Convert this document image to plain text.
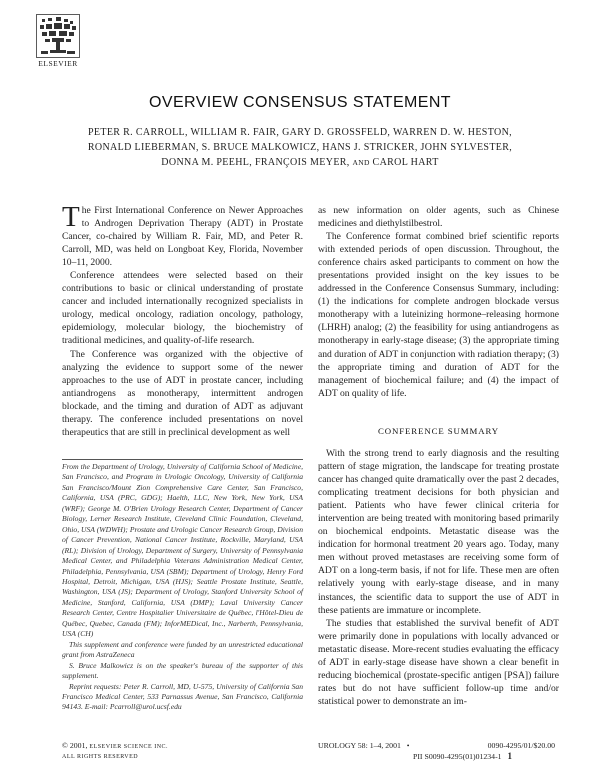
ELSEVIER
OVERVIEW CONSENSUS STATEMENT
PETER R. CARROLL, WILLIAM R. FAIR, GARY D. GROSSFELD, WARREN D. W. HESTON,
RONALD LIEBERMAN, S. BRUCE MALKOWICZ, HANS J. STRICKER, JOHN SYLVESTER,
DONNA M. PEEHL, FRANÇOIS MEYER, AND CAROL HART

The First International Conference on Newer Approaches to Androgen Deprivation Therapy (ADT) in Prostate Cancer, co-chaired by William R. Fair, MD, and Peter R. Carroll, MD, was held on Longboat Key, Florida, November 10–11, 2000.

Conference attendees were selected based on their contributions to basic or clinical understanding of prostate cancer and included internationally recognized specialists in urology, medical oncology, radiation oncology, pathology, epidemiology, molecular biology, the biochemistry of traditional medicines, and quality-of-life research.

The Conference was organized with the objective of analyzing the evidence to support some of the newer approaches to the use of ADT in prostate cancer, including antiandrogens as monotherapy, intermittent androgen blockade, and the timing and duration of ADT as adjuvant therapy. The conference included presentations on novel therapeutics that are still in preclinical development as well

From the Department of Urology, University of California School of Medicine, San Francisco, and Program in Urologic Oncology, University of California San Francisco/Mount Zion Comprehensive Care Center, San Francisco, California, USA (PRC, GDG); Haelth, LLC, New York, New York, USA (WRF); George M. O'Brien Urology Research Center, Department of Cancer Biology, Lerner Research Institute, Cleveland Clinic Foundation, Cleveland, Ohio, USA (WDWH); Prostate and Urologic Cancer Research Group, Division of Cancer Prevention, National Cancer Institute, Rockville, Maryland, USA (RL); Division of Urology, Department of Surgery, University of Pennsylvania Medical Center, and Philadelphia Veterans Administration Medical Center, Philadelphia, Pennsylvania, USA (SBM); Department of Urology, Henry Ford Hospital, Detroit, Michigan, USA (HJS); Seattle Prostate Institute, Seattle, Washington, USA (JS); Department of Urology, Stanford University School of Medicine, Stanford, California, USA (DMP); Laval University Cancer Research Center, Centre Hospitalier Universitaire de Québec, l'Hôtel-Dieu de Québec, Quebec, Canada (FM); InforMEDical, Inc., Narberth, Pennsylvania, USA (CH)

This supplement and conference were funded by an unrestricted educational grant from AstraZeneca

S. Bruce Malkowicz is on the speaker's bureau of the supporter of this supplement.

Reprint requests: Peter R. Carroll, MD, U-575, University of California San Francisco Medical Center, 533 Parnassus Avenue, San Francisco, California 94143. E-mail: Pcarroll@urol.ucsf.edu

as new information on older agents, such as Chinese medicines and diethylstilbestrol.

The Conference format combined brief scientific reports with extended periods of open discussion. Throughout, the conference chairs asked participants to comment on how the presentations provided insight on the key issues to be addressed in the Conference Consensus Summary, including: (1) the indications for complete androgen blockade versus monotherapy with a luteinizing hormone–releasing hormone (LHRH) analog; (2) the feasibility for using antiandrogens as monotherapy in early-stage disease; (3) the appropriate timing and duration of ADT in conjunction with radiation therapy; (3) the appropriate timing and duration of ADT for the management of biochemical failure; and (4) the impact of ADT on quality of life.

CONFERENCE SUMMARY

With the strong trend to early diagnosis and the resulting pattern of stage migration, the landscape for treating prostate cancer has changed quite dramatically over the past 2 decades, complicating treatment decisions for both physician and patient. Patients who have fewer clinical criteria for intervention are being treated with monitoring based primarily on biochemical endpoints. Metastatic disease was the indication for hormonal treatment 20 years ago. Today, many men without proved metastases are receiving some form of ADT on a long-term basis, if not for life. These men are often relatively young with early-stage disease, and in many instances, the scientific data to support the use of ADT in these patients are immature or incomplete.

The studies that established the survival benefit of ADT were primarily done in populations with locally advanced or metastatic disease. More-recent studies evaluating the efficacy of ADT in early-stage disease have shown a clear benefit in reducing biochemical (prostate-specific antigen [PSA]) failure rates but do not have sufficient follow-up time and/or statistical power to demonstrate an im-

© 2001, ELSEVIER SCIENCE INC.
ALL RIGHTS RESERVED
UROLOGY 58: 1–4, 2001 •	0090-4295/01/$20.00
PII S0090-4295(01)01234-1 1
